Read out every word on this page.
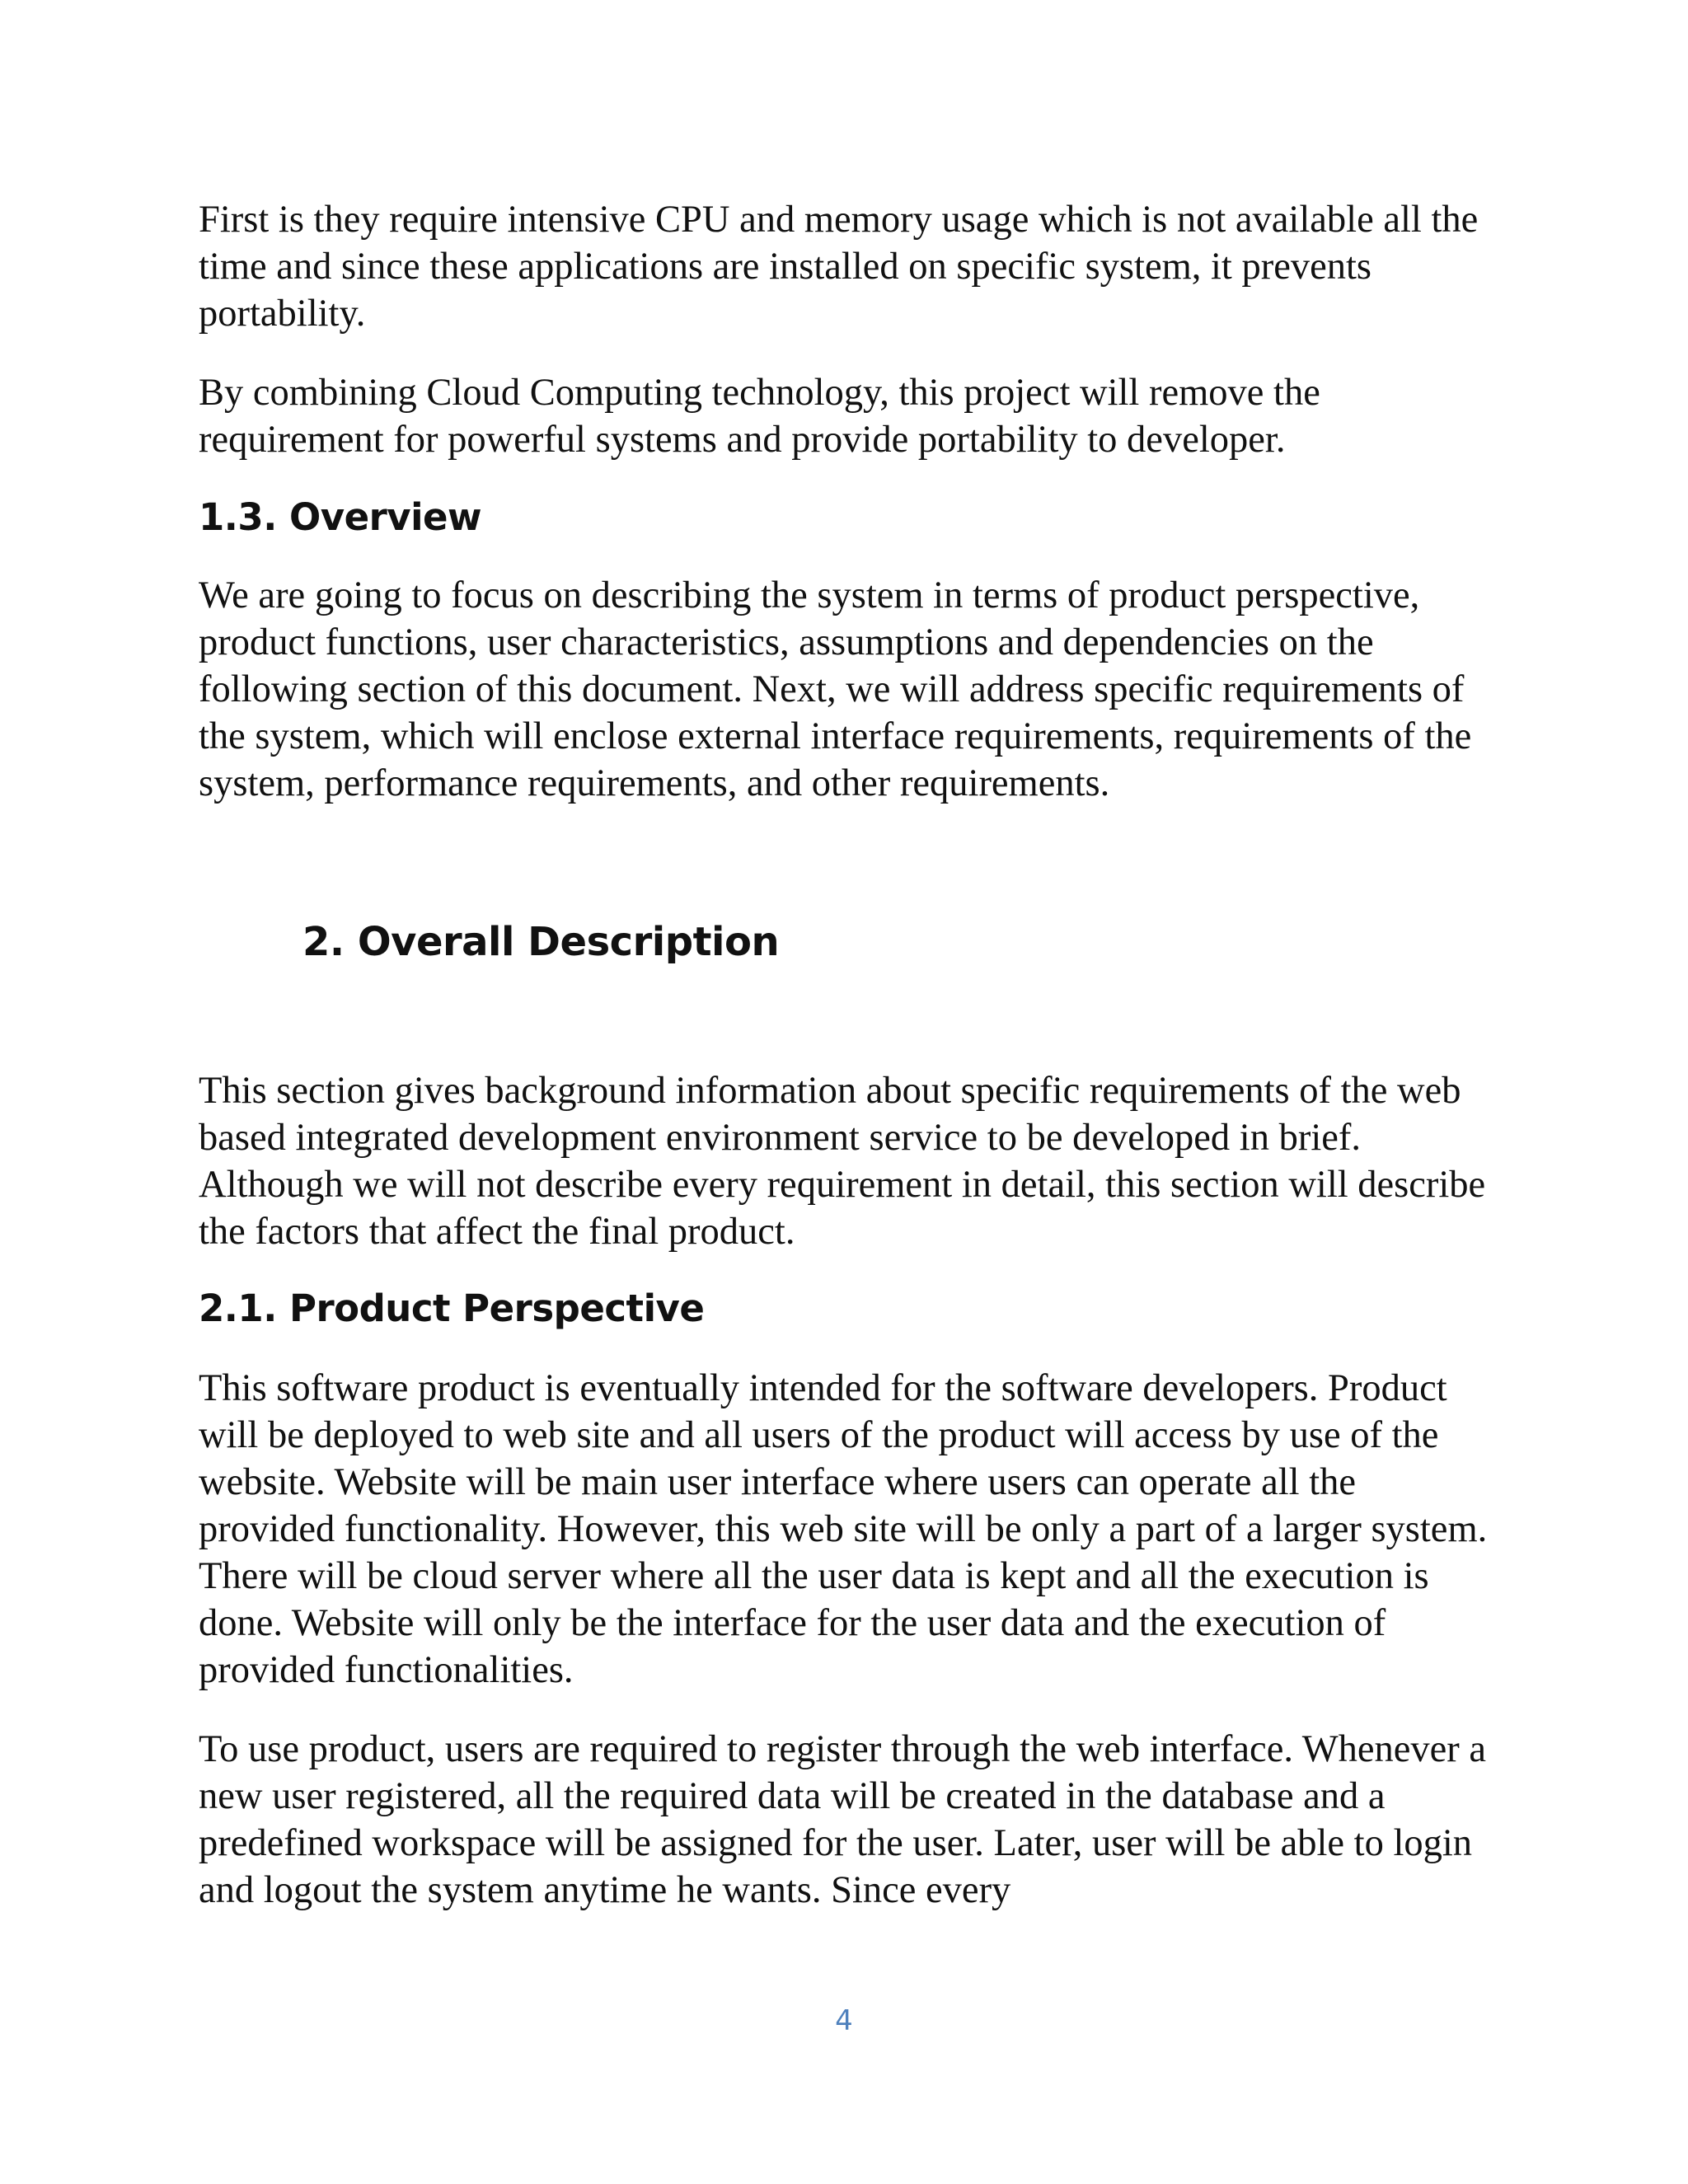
First is they require intensive CPU and memory usage which is not available all the time and since these applications are installed on specific system, it prevents portability.

By combining Cloud Computing technology, this project will remove the requirement for powerful systems and provide portability to developer.

1.3. Overview

We are going to focus on describing the system in terms of product perspective, product functions, user characteristics, assumptions and dependencies on the following section of this document. Next, we will address specific requirements of the system, which will enclose external interface requirements, requirements of the system, performance requirements, and other requirements.

2. Overall Description

This section gives background information about specific requirements of the web based integrated development environment service to be developed in brief. Although we will not describe every requirement in detail, this section will describe the factors that affect the final product.

2.1. Product Perspective

This software product is eventually intended for the software developers. Product will be deployed to web site and all users of the product will access by use of the website. Website will be main user interface where users can operate all the provided functionality. However, this web site will be only a part of a larger system. There will be cloud server where all the user data is kept and all the execution is done. Website will only be the interface for the user data and the execution of provided functionalities.

To use product, users are required to register through the web interface. Whenever a new user registered, all the required data will be created in the database and a predefined workspace will be assigned for the user. Later, user will be able to login and logout the system anytime he wants. Since every

4
